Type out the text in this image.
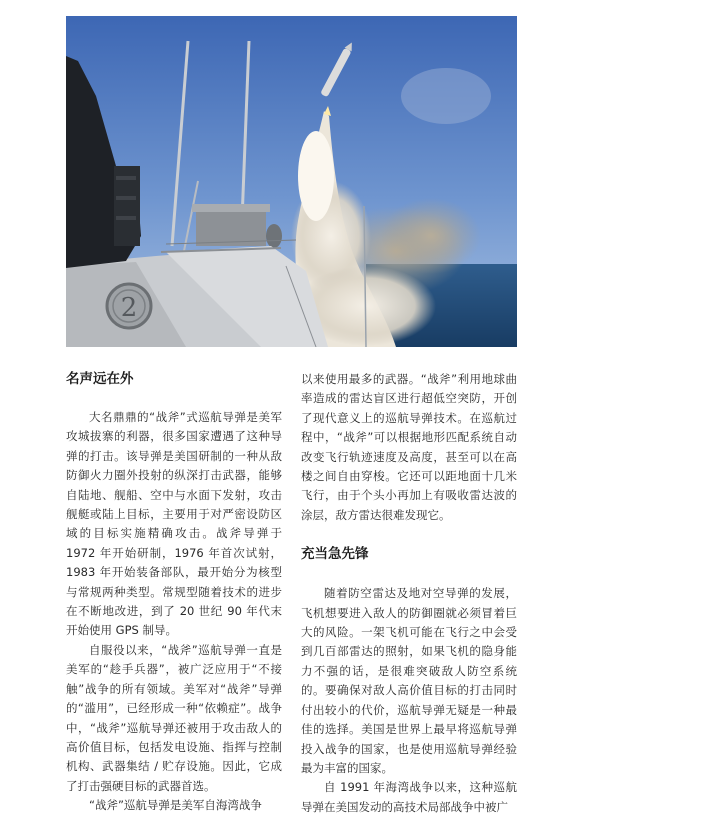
2
名声远在外

大名鼎鼎的“战斧”式巡航导弹是美军攻城拔寨的利器，很多国家遭遇了这种导弹的打击。该导弹是美国研制的一种从敌防御火力圈外投射的纵深打击武器，能够自陆地、舰船、空中与水面下发射，攻击舰艇或陆上目标，主要用于对严密设防区域的目标实施精确攻击。战斧导弹于 1972 年开始研制，1976 年首次试射，1983 年开始装备部队，最开始分为核型与常规两种类型。常规型随着技术的进步在不断地改进，到了 20 世纪 90 年代末开始使用 GPS 制导。

自服役以来，“战斧”巡航导弹一直是美军的“趁手兵器”，被广泛应用于“不接触”战争的所有领域。美军对“战斧”导弹的“滥用”，已经形成一种“依赖症”。战争中，“战斧”巡航导弹还被用于攻击敌人的高价值目标，包括发电设施、指挥与控制机构、武器集结 / 贮存设施。因此，它成了打击强硬目标的武器首选。

“战斧”巡航导弹是美军自海湾战争

以来使用最多的武器。“战斧”利用地球曲率造成的雷达盲区进行超低空突防，开创了现代意义上的巡航导弹技术。在巡航过程中，“战斧”可以根据地形匹配系统自动改变飞行轨迹速度及高度，甚至可以在高楼之间自由穿梭。它还可以距地面十几米飞行，由于个头小再加上有吸收雷达波的涂层，敌方雷达很难发现它。

充当急先锋

随着防空雷达及地对空导弹的发展，飞机想要进入敌人的防御圈就必须冒着巨大的风险。一架飞机可能在飞行之中会受到几百部雷达的照射，如果飞机的隐身能力不强的话，是很难突破敌人防空系统的。要确保对敌人高价值目标的打击同时付出较小的代价，巡航导弹无疑是一种最佳的选择。美国是世界上最早将巡航导弹投入战争的国家，也是使用巡航导弹经验最为丰富的国家。

自 1991 年海湾战争以来，这种巡航导弹在美国发动的高技术局部战争中被广
